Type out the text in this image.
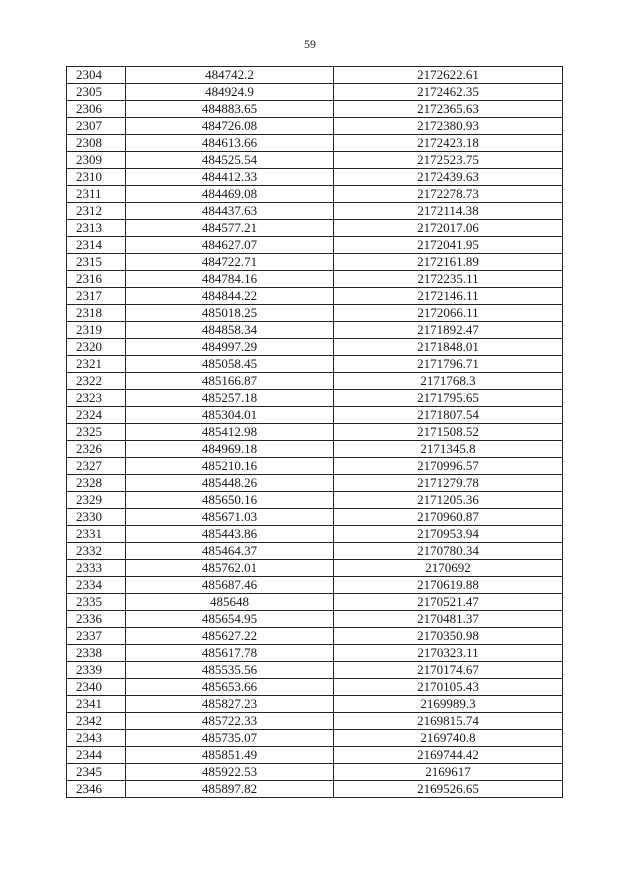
59
2304	484742.2	2172622.61
2305	484924.9	2172462.35
2306	484883.65	2172365.63
2307	484726.08	2172380.93
2308	484613.66	2172423.18
2309	484525.54	2172523.75
2310	484412.33	2172439.63
2311	484469.08	2172278.73
2312	484437.63	2172114.38
2313	484577.21	2172017.06
2314	484627.07	2172041.95
2315	484722.71	2172161.89
2316	484784.16	2172235.11
2317	484844.22	2172146.11
2318	485018.25	2172066.11
2319	484858.34	2171892.47
2320	484997.29	2171848.01
2321	485058.45	2171796.71
2322	485166.87	2171768.3
2323	485257.18	2171795.65
2324	485304.01	2171807.54
2325	485412.98	2171508.52
2326	484969.18	2171345.8
2327	485210.16	2170996.57
2328	485448.26	2171279.78
2329	485650.16	2171205.36
2330	485671.03	2170960.87
2331	485443.86	2170953.94
2332	485464.37	2170780.34
2333	485762.01	2170692
2334	485687.46	2170619.88
2335	485648	2170521.47
2336	485654.95	2170481.37
2337	485627.22	2170350.98
2338	485617.78	2170323.11
2339	485535.56	2170174.67
2340	485653.66	2170105.43
2341	485827.23	2169989.3
2342	485722.33	2169815.74
2343	485735.07	2169740.8
2344	485851.49	2169744.42
2345	485922.53	2169617
2346	485897.82	2169526.65
